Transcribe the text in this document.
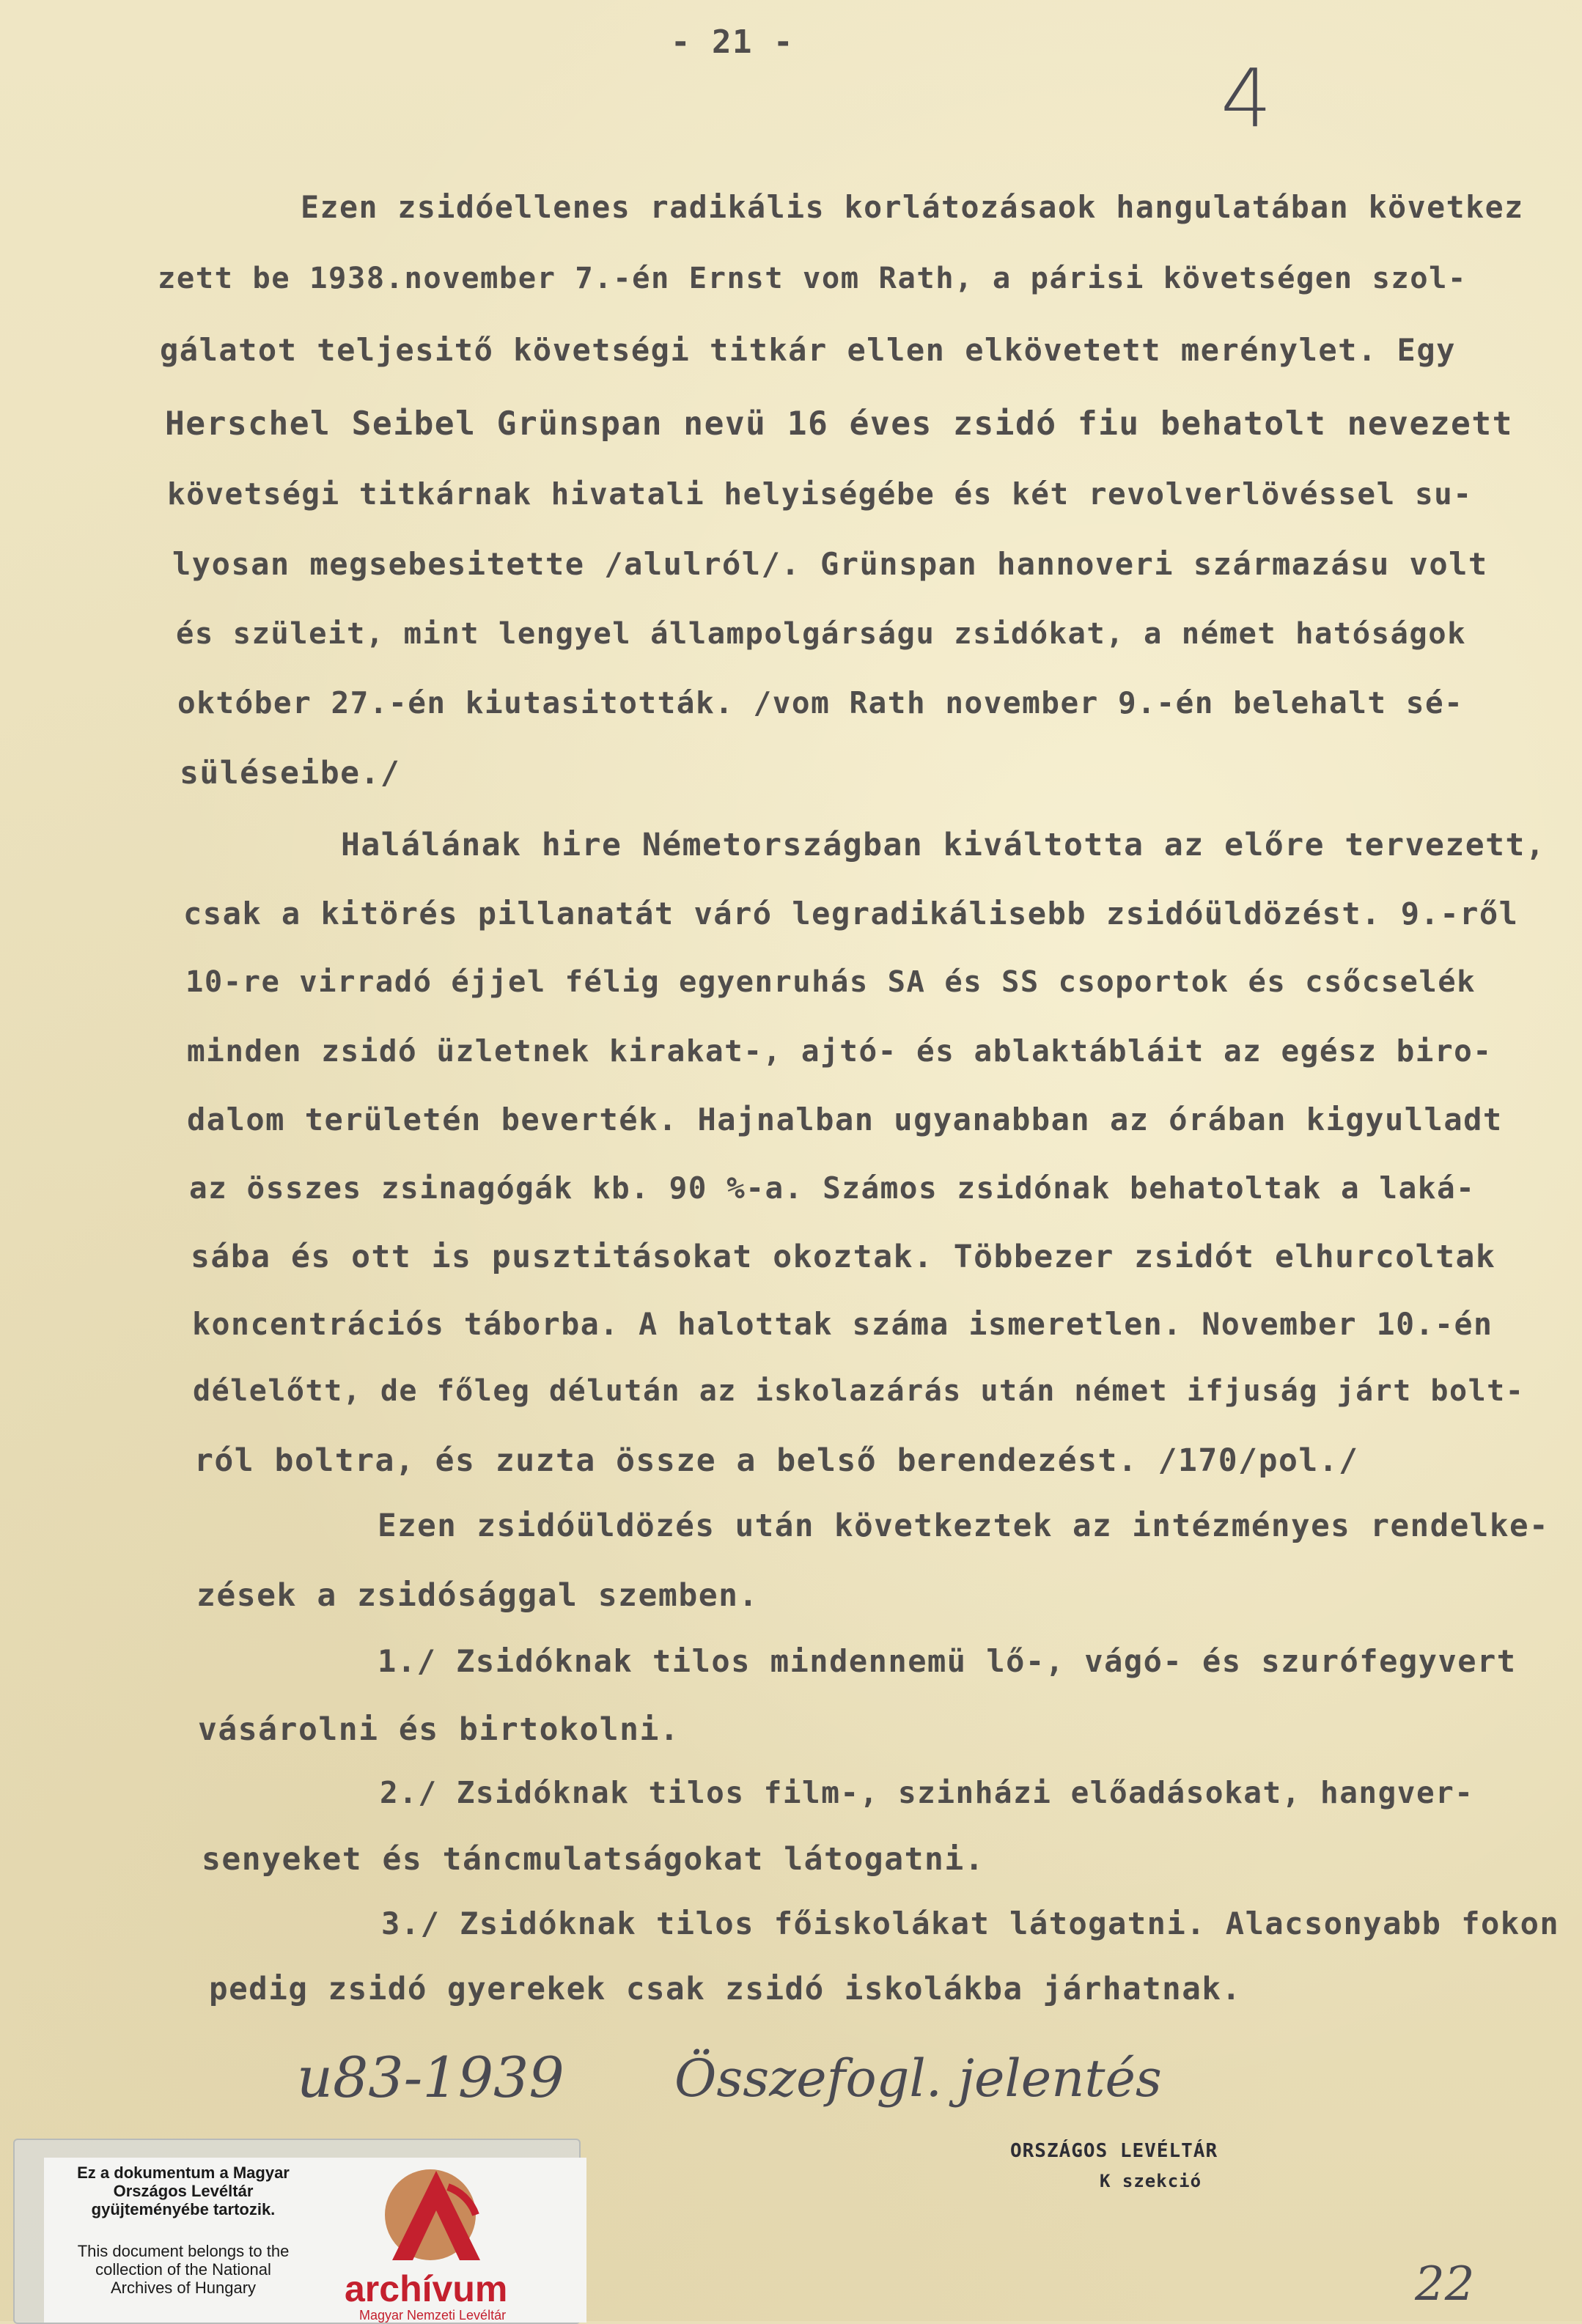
- 21 -
4
Ezen zsidóellenes radikális korlátozásaok hangulatában következ
zett be 1938.november 7.-én Ernst vom Rath, a párisi követségen szol-
gálatot teljesitő követségi titkár ellen elkövetett merénylet. Egy
Herschel Seibel Grünspan nevü 16 éves zsidó fiu behatolt nevezett
követségi titkárnak hivatali helyiségébe és két revolverlövéssel su-
lyosan megsebesitette /alulról/. Grünspan hannoveri származásu volt
és szüleit, mint lengyel állampolgárságu zsidókat, a német hatóságok
október 27.-én kiutasitották. /vom Rath november 9.-én belehalt sé-
süléseibe./
Halálának hire Németországban kiváltotta az előre tervezett,
csak a kitörés pillanatát váró legradikálisebb zsidóüldözést. 9.-ről
10-re virradó éjjel félig egyenruhás SA és SS csoportok és csőcselék
minden zsidó üzletnek kirakat-, ajtó- és ablaktábláit az egész biro-
dalom területén beverték. Hajnalban ugyanabban az órában kigyulladt
az összes zsinagógák kb. 90 %-a. Számos zsidónak behatoltak a laká-
sába és ott is pusztitásokat okoztak. Többezer zsidót elhurcoltak
koncentrációs táborba. A halottak száma ismeretlen. November 10.-én
délelőtt, de főleg délután az iskolazárás után német ifjuság járt bolt-
ról boltra, és zuzta össze a belső berendezést. /170/pol./
Ezen zsidóüldözés után következtek az intézményes rendelke-
zések a zsidósággal szemben.
1./ Zsidóknak tilos mindennemü lő-, vágó- és szurófegyvert
vásárolni és birtokolni.
2./ Zsidóknak tilos film-, szinházi előadásokat, hangver-
senyeket és táncmulatságokat látogatni.
3./ Zsidóknak tilos főiskolákat látogatni. Alacsonyabb fokon
pedig zsidó gyerekek csak zsidó iskolákba járhatnak.
u83-1939 Összefogl. jelentés
ORSZÁGOS LEVÉLTÁR
K szekció
22
Ez a dokumentum a Magyar
Országos Levéltár
gyüjteményébe tartozik.
This document belongs to the
collection of the National
Archives of Hungary	archívum
Magyar Nemzeti Levéltár
